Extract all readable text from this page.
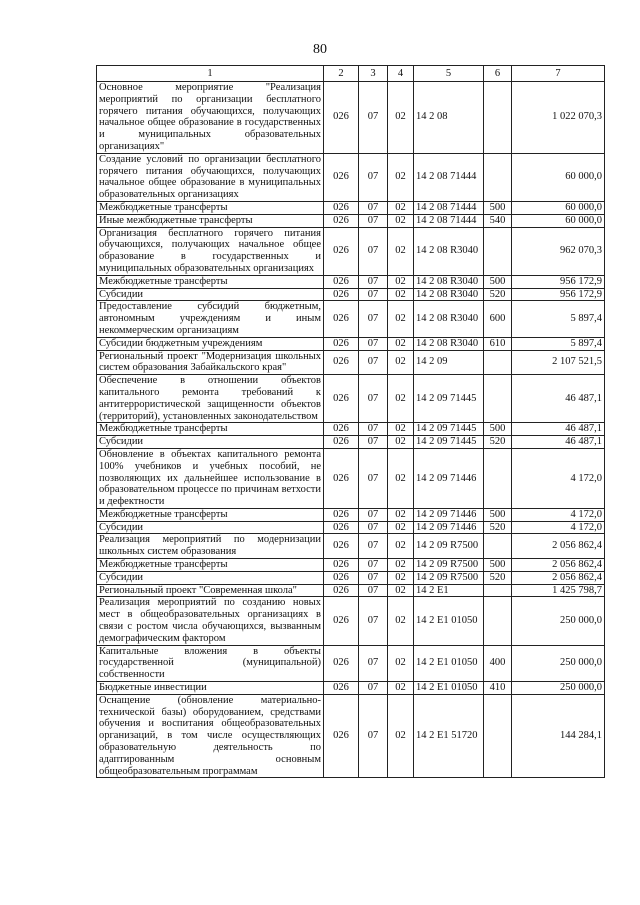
80
1	2	3	4	5	6	7
Основное мероприятие "Реализация мероприятий по организации бесплатного горячего питания обучающихся, получающих начальное общее образование в государственных и муниципальных образовательных организациях"	026	07	02	14 2 08		1 022 070,3
Создание условий по организации бесплатного горячего питания обучающихся, получающих начальное общее образование в муниципальных образовательных организациях	026	07	02	14 2 08 71444		60 000,0
Межбюджетные трансферты	026	07	02	14 2 08 71444	500	60 000,0
Иные межбюджетные трансферты	026	07	02	14 2 08 71444	540	60 000,0
Организация бесплатного горячего питания обучающихся, получающих начальное общее образование в государственных и муниципальных образовательных организациях	026	07	02	14 2 08 R3040		962 070,3
Межбюджетные трансферты	026	07	02	14 2 08 R3040	500	956 172,9
Субсидии	026	07	02	14 2 08 R3040	520	956 172,9
Предоставление субсидий бюджетным, автономным учреждениям и иным некоммерческим организациям	026	07	02	14 2 08 R3040	600	5 897,4
Субсидии бюджетным учреждениям	026	07	02	14 2 08 R3040	610	5 897,4
Региональный проект "Модернизация школьных систем образования Забайкальского края"	026	07	02	14 2 09		2 107 521,5
Обеспечение в отношении объектов капитального ремонта требований к антитеррористической защищенности объектов (территорий), установленных законодательством	026	07	02	14 2 09 71445		46 487,1
Межбюджетные трансферты	026	07	02	14 2 09 71445	500	46 487,1
Субсидии	026	07	02	14 2 09 71445	520	46 487,1
Обновление в объектах капитального ремонта 100% учебников и учебных пособий, не позволяющих их дальнейшее использование в образовательном процессе по причинам ветхости и дефектности	026	07	02	14 2 09 71446		4 172,0
Межбюджетные трансферты	026	07	02	14 2 09 71446	500	4 172,0
Субсидии	026	07	02	14 2 09 71446	520	4 172,0
Реализация мероприятий по модернизации школьных систем образования	026	07	02	14 2 09 R7500		2 056 862,4
Межбюджетные трансферты	026	07	02	14 2 09 R7500	500	2 056 862,4
Субсидии	026	07	02	14 2 09 R7500	520	2 056 862,4
Региональный проект "Современная школа"	026	07	02	14 2 E1		1 425 798,7
Реализация мероприятий по созданию новых мест в общеобразовательных организациях в связи с ростом числа обучающихся, вызванным демографическим фактором	026	07	02	14 2 E1 01050		250 000,0
Капитальные вложения в объекты государственной (муниципальной) собственности	026	07	02	14 2 E1 01050	400	250 000,0
Бюджетные инвестиции	026	07	02	14 2 E1 01050	410	250 000,0
Оснащение (обновление материально-технической базы) оборудованием, средствами обучения и воспитания общеобразовательных организаций, в том числе осуществляющих образовательную деятельность по адаптированным основным общеобразовательным программам	026	07	02	14 2 E1 51720		144 284,1
